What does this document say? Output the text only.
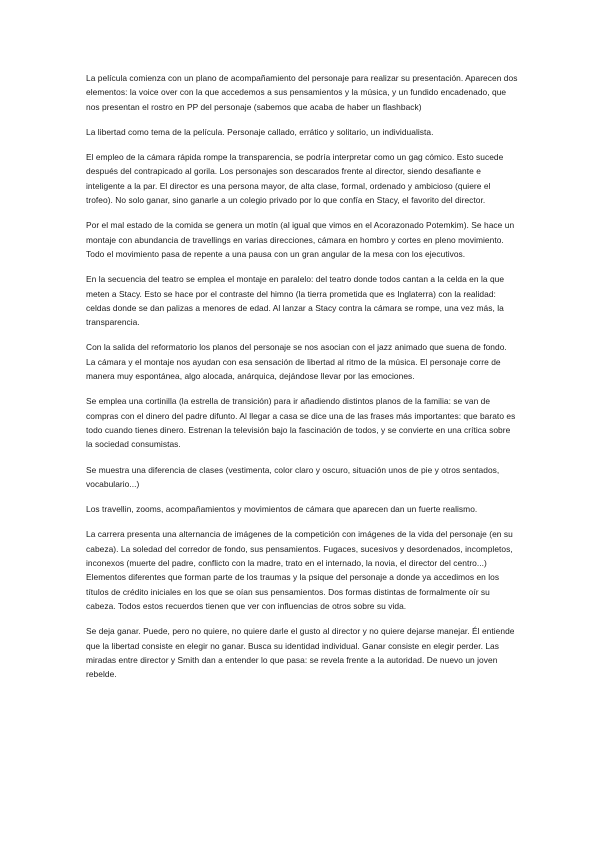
La película comienza con un plano de acompañamiento del personaje para realizar su presentación. Aparecen dos elementos: la voice over con la que accedemos a sus pensamientos y la música, y un fundido encadenado, que nos presentan el rostro en PP del personaje (sabemos que acaba de haber un flashback)

La libertad como tema de la película. Personaje callado, errático y solitario, un individualista.

El empleo de la cámara rápida rompe la transparencia, se podría interpretar como un gag cómico. Esto sucede después del contrapicado al gorila. Los personajes son descarados frente al director, siendo desafiante e inteligente a la par. El director es una persona mayor, de alta clase, formal, ordenado y ambicioso (quiere el trofeo). No solo ganar, sino ganarle a un colegio privado por lo que confía en Stacy, el favorito del director.

Por el mal estado de la comida se genera un motín (al igual que vimos en el Acorazonado Potemkim). Se hace un montaje con abundancia de travellings en varias direcciones, cámara en hombro y cortes en pleno movimiento. Todo el movimiento pasa de repente a una pausa con un gran angular de la mesa con los ejecutivos.

En la secuencia del teatro se emplea el montaje en paralelo: del teatro donde todos cantan a la celda en la que meten a Stacy. Esto se hace por el contraste del himno (la tierra prometida que es Inglaterra) con la realidad: celdas donde se dan palizas a menores de edad. Al lanzar a Stacy contra la cámara se rompe, una vez más, la transparencia.

Con la salida del reformatorio los planos del personaje se nos asocian con el jazz animado que suena de fondo. La cámara y el montaje nos ayudan con esa sensación de libertad al ritmo de la música. El personaje corre de manera muy espontánea, algo alocada, anárquica, dejándose llevar por las emociones.

Se emplea una cortinilla (la estrella de transición) para ir añadiendo distintos planos de la familia: se van de compras con el dinero del padre difunto. Al llegar a casa se dice una de las frases más importantes: que barato es todo cuando tienes dinero. Estrenan la televisión bajo la fascinación de todos, y se convierte en una crítica sobre la sociedad consumistas.

Se muestra una diferencia de clases (vestimenta, color claro y oscuro, situación unos de pie y otros sentados, vocabulario...)

Los travellin, zooms, acompañamientos y movimientos de cámara que aparecen dan un fuerte realismo.

La carrera presenta una alternancia de imágenes de la competición con imágenes de la vida del personaje (en su cabeza). La soledad del corredor de fondo, sus pensamientos. Fugaces, sucesivos y desordenados, incompletos, inconexos (muerte del padre, conflicto con la madre, trato en el internado, la novia, el director del centro...) Elementos diferentes que forman parte de los traumas y la psique del personaje a donde ya accedimos en los títulos de crédito iniciales en los que se oían sus pensamientos. Dos formas distintas de formalmente oír su cabeza. Todos estos recuerdos tienen que ver con influencias de otros sobre su vida.

Se deja ganar. Puede, pero no quiere, no quiere darle el gusto al director y no quiere dejarse manejar. Él entiende que la libertad consiste en elegir no ganar. Busca su identidad individual. Ganar consiste en elegir perder. Las miradas entre director y Smith dan a entender lo que pasa: se revela frente a la autoridad. De nuevo un joven rebelde.
